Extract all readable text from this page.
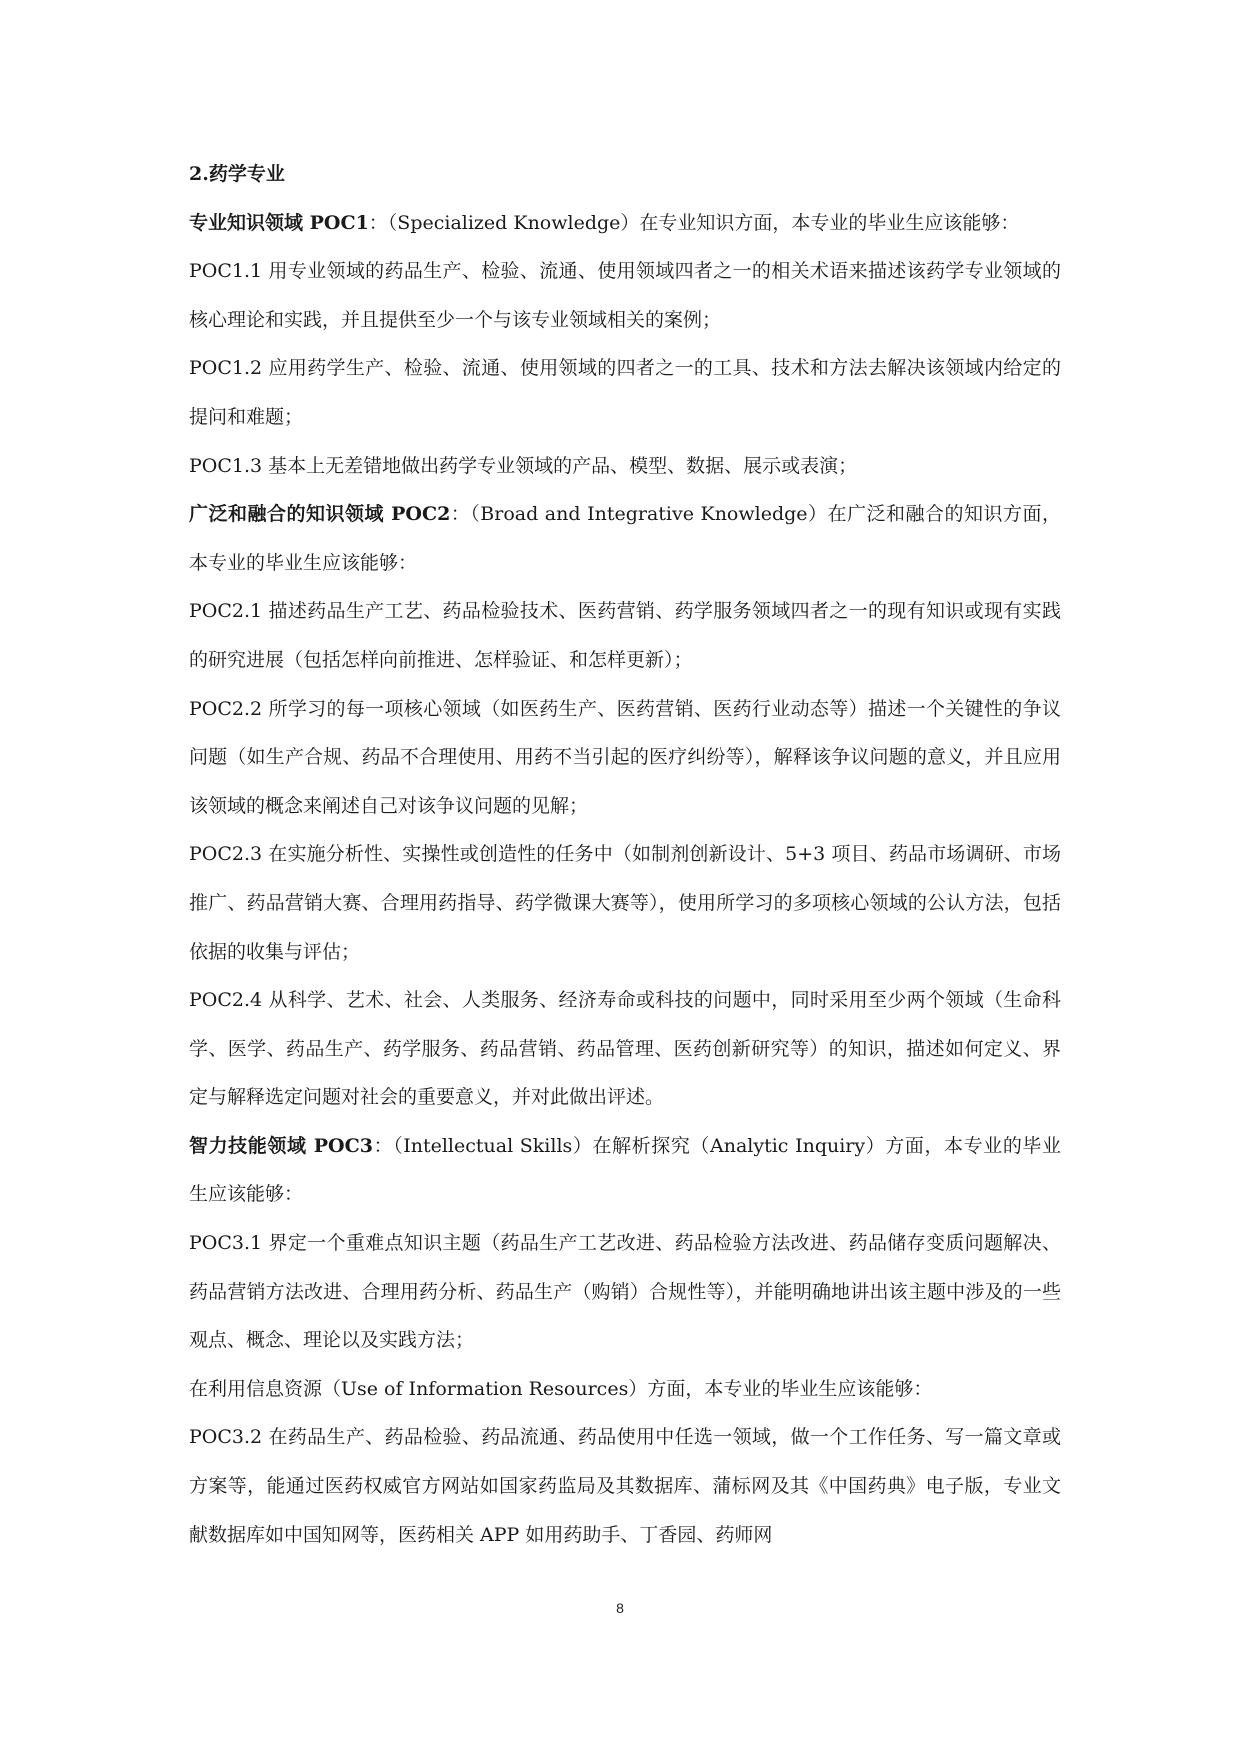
2.药学专业

专业知识领域 POC1：（Specialized Knowledge）在专业知识方面，本专业的毕业生应该能够：

POC1.1 用专业领域的药品生产、检验、流通、使用领域四者之一的相关术语来描述该药学专业领域的核心理论和实践，并且提供至少一个与该专业领域相关的案例；

POC1.2 应用药学生产、检验、流通、使用领域的四者之一的工具、技术和方法去解决该领域内给定的提问和难题；

POC1.3 基本上无差错地做出药学专业领域的产品、模型、数据、展示或表演；

广泛和融合的知识领域 POC2：（Broad and Integrative Knowledge）在广泛和融合的知识方面，本专业的毕业生应该能够：

POC2.1 描述药品生产工艺、药品检验技术、医药营销、药学服务领域四者之一的现有知识或现有实践的研究进展（包括怎样向前推进、怎样验证、和怎样更新）；

POC2.2 所学习的每一项核心领域（如医药生产、医药营销、医药行业动态等）描述一个关键性的争议问题（如生产合规、药品不合理使用、用药不当引起的医疗纠纷等），解释该争议问题的意义，并且应用该领域的概念来阐述自己对该争议问题的见解；

POC2.3 在实施分析性、实操性或创造性的任务中（如制剂创新设计、5+3 项目、药品市场调研、市场推广、药品营销大赛、合理用药指导、药学微课大赛等），使用所学习的多项核心领域的公认方法，包括依据的收集与评估；

POC2.4 从科学、艺术、社会、人类服务、经济寿命或科技的问题中，同时采用至少两个领域（生命科学、医学、药品生产、药学服务、药品营销、药品管理、医药创新研究等）的知识，描述如何定义、界定与解释选定问题对社会的重要意义，并对此做出评述。

智力技能领域 POC3：（Intellectual Skills）在解析探究（Analytic Inquiry）方面，本专业的毕业生应该能够：

POC3.1 界定一个重难点知识主题（药品生产工艺改进、药品检验方法改进、药品储存变质问题解决、药品营销方法改进、合理用药分析、药品生产（购销）合规性等），并能明确地讲出该主题中涉及的一些观点、概念、理论以及实践方法；

在利用信息资源（Use of Information Resources）方面，本专业的毕业生应该能够：

POC3.2 在药品生产、药品检验、药品流通、药品使用中任选一领域，做一个工作任务、写一篇文章或方案等，能通过医药权威官方网站如国家药监局及其数据库、蒲标网及其《中国药典》电子版，专业文献数据库如中国知网等，医药相关 APP 如用药助手、丁香园、药师网

8
